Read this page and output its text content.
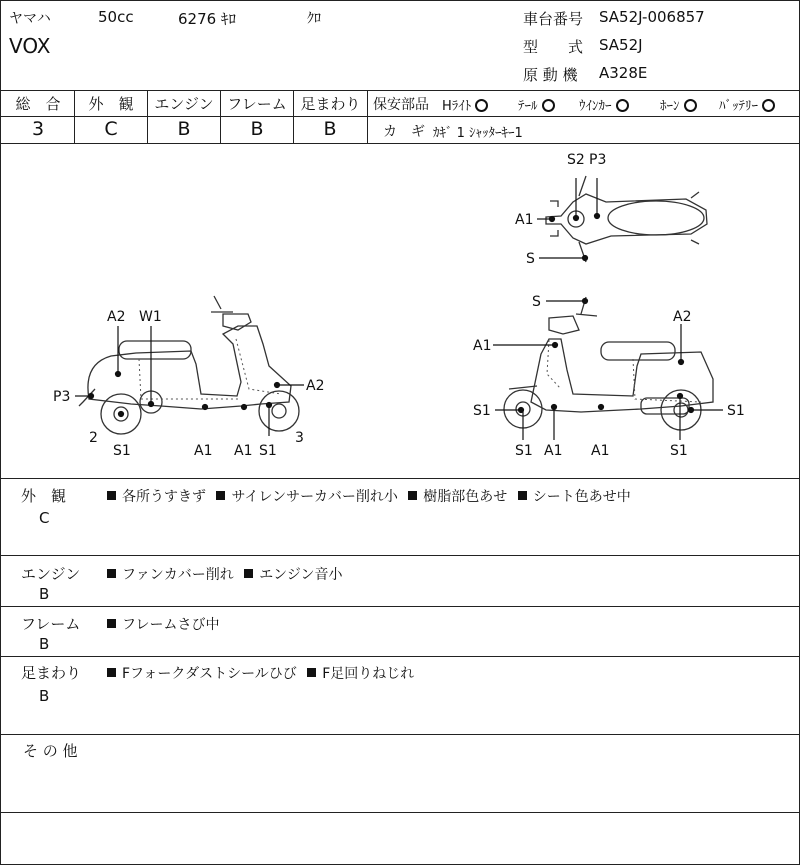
ヤマハ	50cc	6276 ｷﾛ	ｸﾛ
VOX
車台番号 SA52J-006857
型　　式 SA52J
原 動 機 A328E
総　合	外　観	エンジン フレーム 足まわり
3	C	B	B	B
保安部品 Hﾗｲﾄ	ﾃｰﾙ	ｳｲﾝｶｰ	ﾎｰﾝ	ﾊﾞｯﾃﾘｰ
カ　ギ ｶｷﾞ 1 ｼｬｯﾀｰｷｰ1
S2 P3
A1
S
A2 W1
P3
A2
2
S1	A1 A1 S1
3
S
A2
A1
S1	S1
S1 A1 A1	S1
外　観
C
各所うすきず サイレンサーカバー削れ小 樹脂部色あせ シート色あせ中
エンジン
B
ファンカバー削れ エンジン音小
フレーム
B
フレームさび中
足まわり
B
Fフォークダストシールひび F足回りねじれ
そ の 他
